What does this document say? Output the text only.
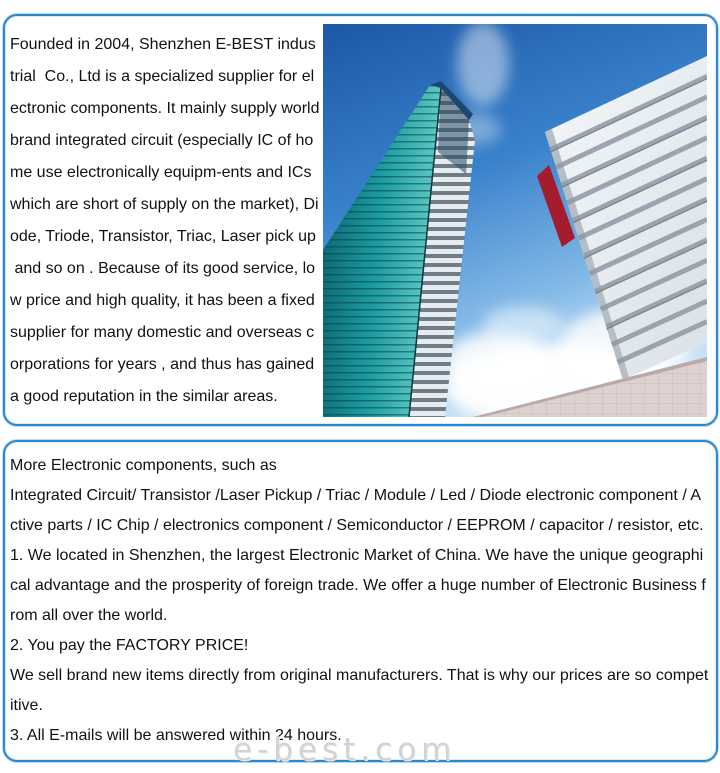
Founded in 2004, Shenzhen E-BEST indus
trial  Co., Ltd is a specialized supplier for el
ectronic components. It mainly supply world
brand integrated circuit (especially IC of ho
me use electronically equipm-ents and ICs
which are short of supply on the market), Di
ode, Triode, Transistor, Triac, Laser pick up
and so on . Because of its good service, lo
w price and high quality, it has been a fixed
supplier for many domestic and overseas c
orporations for years , and thus has gained
a good reputation in the similar areas.
More Electronic components, such as
Integrated Circuit/ Transistor /Laser Pickup / Triac / Module / Led / Diode electronic component / A
ctive parts / IC Chip / electronics component / Semiconductor / EEPROM / capacitor / resistor, etc.
1. We located in Shenzhen, the largest Electronic Market of China. We have the unique geographi
cal advantage and the prosperity of foreign trade. We offer a huge number of Electronic Business f
rom all over the world.
2. You pay the FACTORY PRICE!
We sell brand new items directly from original manufacturers. That is why our prices are so compet
itive.
3. All E-mails will be answered within 24 hours.
e-best.com
